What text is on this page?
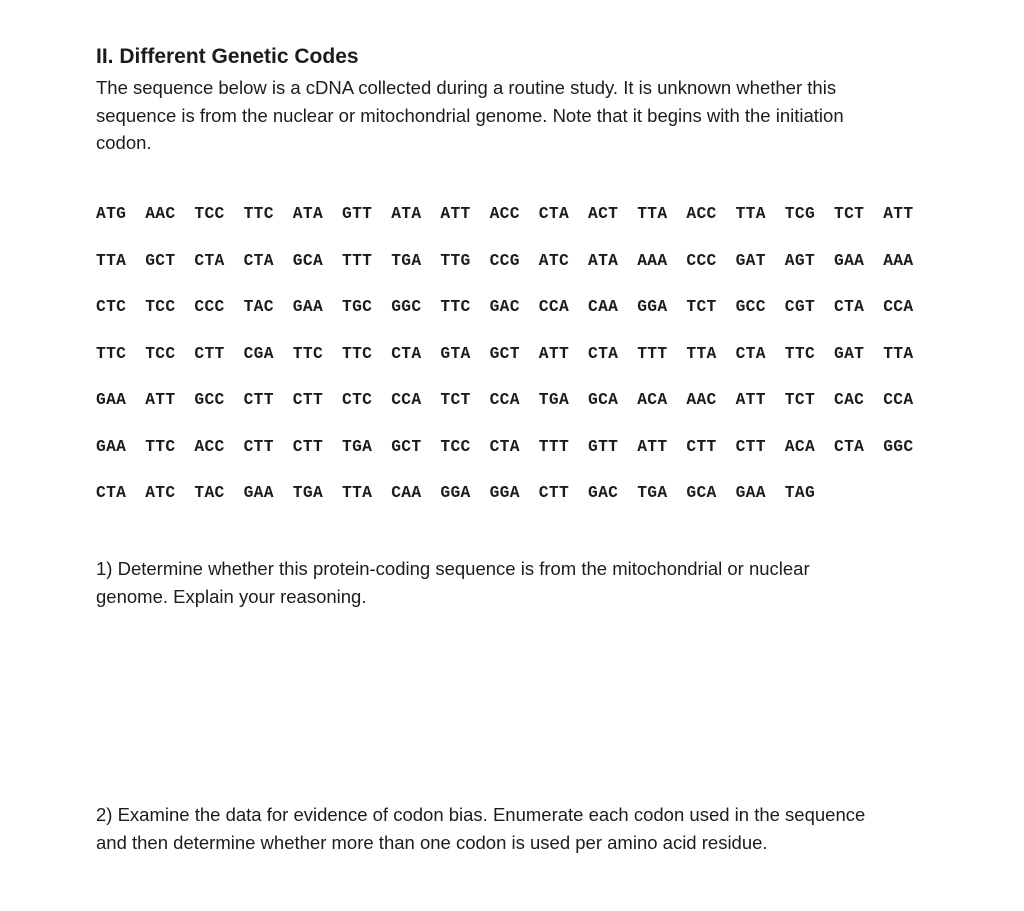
II. Different Genetic Codes
The sequence below is a cDNA collected during a routine study. It is unknown whether this
sequence is from the nuclear or mitochondrial genome. Note that it begins with the initiation
codon.
ATG AAC TCC TTC ATA GTT ATA ATT ACC CTA ACT TTA ACC TTA TCG TCT ATT
TTA GCT CTA CTA GCA TTT TGA TTG CCG ATC ATA AAA CCC GAT AGT GAA AAA
CTC TCC CCC TAC GAA TGC GGC TTC GAC CCA CAA GGA TCT GCC CGT CTA CCA
TTC TCC CTT CGA TTC TTC CTA GTA GCT ATT CTA TTT TTA CTA TTC GAT TTA
GAA ATT GCC CTT CTT CTC CCA TCT CCA TGA GCA ACA AAC ATT TCT CAC CCA
GAA TTC ACC CTT CTT TGA GCT TCC CTA TTT GTT ATT CTT CTT ACA CTA GGC
CTA ATC TAC GAA TGA TTA CAA GGA GGA CTT GAC TGA GCA GAA TAG
1) Determine whether this protein-coding sequence is from the mitochondrial or nuclear
genome. Explain your reasoning.
2) Examine the data for evidence of codon bias. Enumerate each codon used in the sequence
and then determine whether more than one codon is used per amino acid residue.
